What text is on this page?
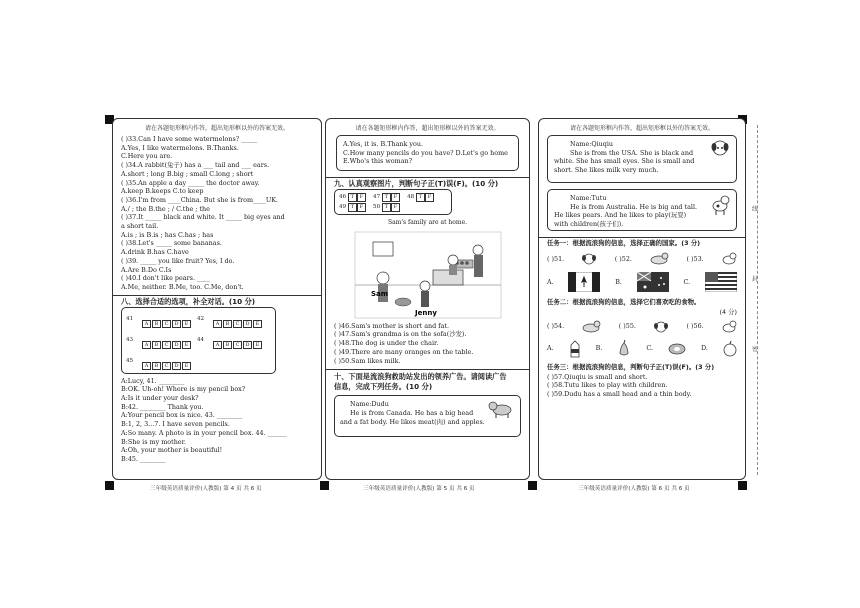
线
封
密
请在各题矩形框内作答，超出矩形框以外的答案无效。
( )33.Can I have some watermelons? _____
A.Yes, I like watermelons. B.Thanks.
C.Here you are.
( )34.A rabbit(兔子) has a ___ tail and ___ ears.
A.short ; long B.big ; small C.long ; short
( )35.An apple a day _____ the doctor away.
A.keep B.keeps C.to keep
( )36.I'm from ____China. But she is from____UK.
A./ ; the B.the ; / C.the ; the
( )37.It _____ black and white. It _____ big eyes and
a short tail.
A.is ; is B.is ; has C.has ; has
( )38.Let's _____ some bananas.
A.drink B.has C.have
( )39. _____ you like fruit? Yes, I do.
A.Are B.Do C.Is
( )40.I don't like pears. ____
A.Me, neither. B.Me, too. C.Me, don't.
八、选择合适的选项，补全对话。(10 分)
41	A B C D E	42	A B C D E
43	A B C D E	44	A B C D E
45	A B C D E		
A:Lucy, 41. ________
B:OK. Uh-oh! Where is my pencil box?
A:Is it under your desk?
B:42. ________ Thank you.
A:Your pencil box is nice. 43. ________
B:1, 2, 3...7. I have seven pencils.
A:So many. A photo is in your pencil box. 44. ______
B:She is my mother.
A:Oh, your mother is beautiful!
B:45. ________
三年级英语质量评价(人教版) 第 4 页 共 6 页
请在各题矩形框内作答，超出矩形框以外的答案无效。
A.Yes, it is. B.Thank you.
C.How many pencils do you have? D.Let's go home
E.Who's this woman?
九、认真观察图片，判断句子正(T)误(F)。(10 分)
46 T F 47 T F 48 T F
49 T F 50 T F
Sam's family are at home.
Sam
Jenny
( )46.Sam's mother is short and fat.
( )47.Sam's grandma is on the sofa(沙发).
( )48.The dog is under the chair.
( )49.There are many oranges on the table.
( )50.Sam likes milk.
十、下面是流浪狗救助站发出的领养广告。请阅读广告
信息，完成下列任务。(10 分)
Name:Dudu
He is from Canada. He has a big head
and a fat body. He likes meat(肉) and apples.
三年级英语质量评价(人教版) 第 5 页 共 6 页
请在各题矩形框内作答，超出矩形框以外的答案无效。
Name:Qiuqiu
She is from the USA. She is black and
white. She has small eyes. She is small and
short. She likes milk very much.
Name:Tutu
He is from Australia. He is big and tall.
He likes pears. And he likes to play(玩耍)
with children(孩子们).
任务一：根据流浪狗的信息，选择正确的国家。(3 分)
( )51.	( )52.	( )53.
A.	B.	C.
任务二：根据流浪狗的信息，选择它们喜欢吃的食物。
(4 分)
( )54.	( )55.	( )56.
A.	B.	C.	D.
任务三：根据流浪狗的信息，判断句子正(T)误(F)。(3 分)
( )57.Qiuqiu is small and short.
( )58.Tutu likes to play with children.
( )59.Dudu has a small head and a thin body.
三年级英语质量评价(人教版) 第 6 页 共 6 页
